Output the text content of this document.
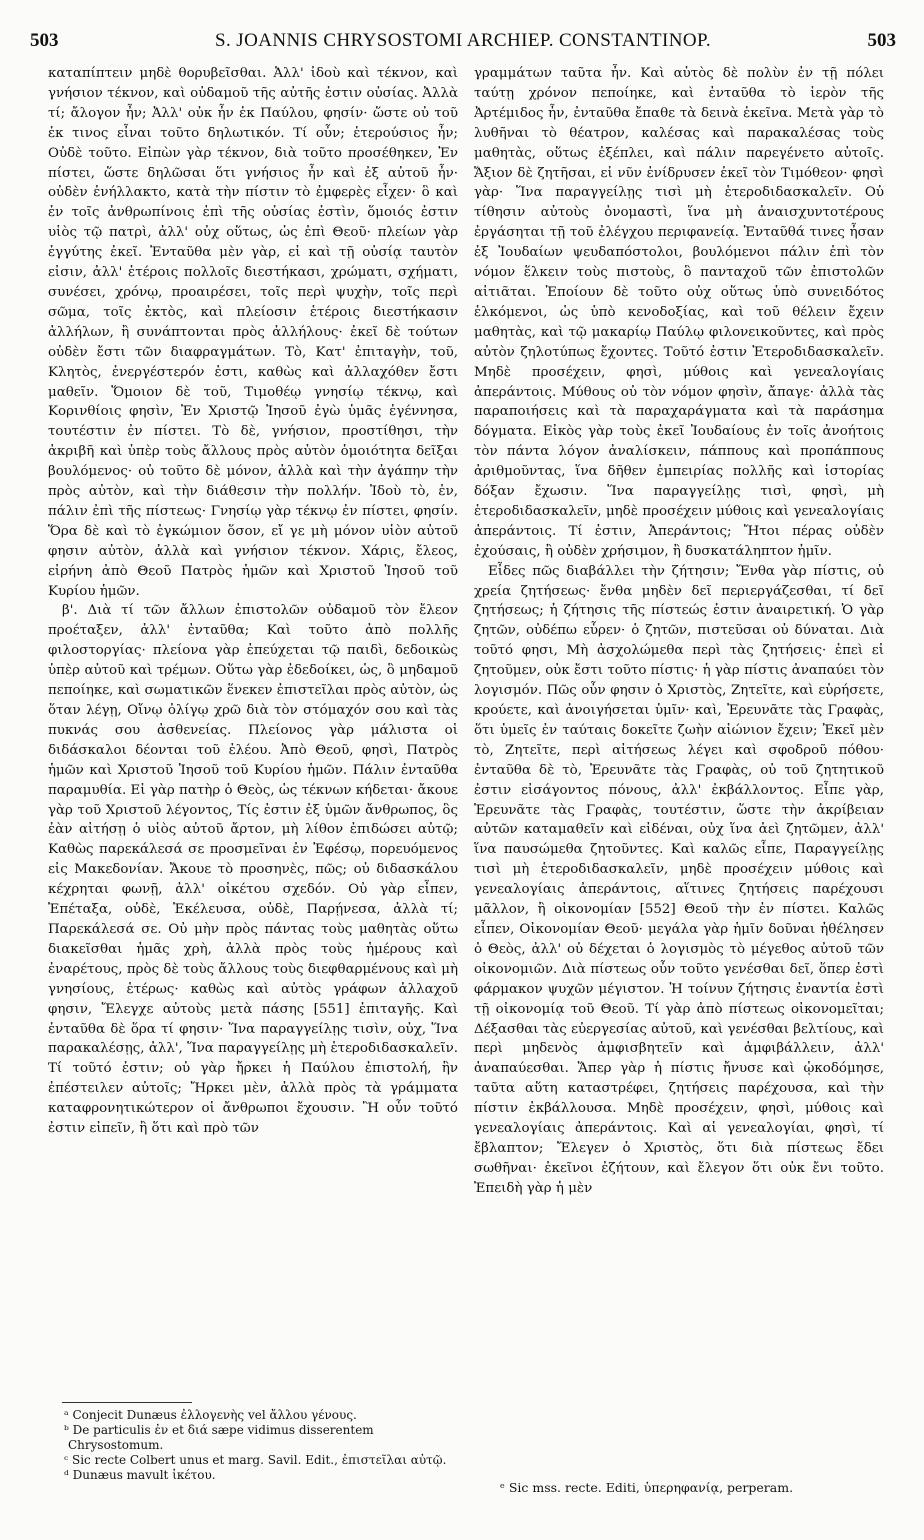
503	S. JOANNIS CHRYSOSTOMI ARCHIEP. CONSTANTINOP.	503

καταπίπτειν μηδὲ θορυβεῖσθαι. Ἀλλ' ἰδοὺ καὶ τέκνον, καὶ γνήσιον τέκνον, καὶ οὐδαμοῦ τῆς αὐτῆς ἐστιν οὐσίας. Ἀλλὰ τί; ἄλογον ἦν; Ἀλλ' οὐκ ἦν ἐκ Παύλου, φησίν· ὥστε οὐ τοῦ ἐκ τινος εἶναι τοῦτο δηλωτικόν. Τί οὖν; ἑτερούσιος ἦν; Οὐδὲ τοῦτο. Εἰπὼν γὰρ τέκνον, διὰ τοῦτο προσέθηκεν, Ἐν πίστει, ὥστε δηλῶσαι ὅτι γνήσιος ἦν καὶ ἐξ αὐτοῦ ἦν· οὐδὲν ἐνήλλακτο, κατὰ τὴν πίστιν τὸ ἐμφερὲς εἶχεν· ὃ καὶ ἐν τοῖς ἀνθρωπίνοις ἐπὶ τῆς οὐσίας ἐστὶν, ὅμοιός ἐστιν υἱὸς τῷ πατρὶ, ἀλλ' οὐχ οὕτως, ὡς ἐπὶ Θεοῦ· πλείων γὰρ ἐγγύτης ἐκεῖ. Ἐνταῦθα μὲν γὰρ, εἰ καὶ τῇ οὐσίᾳ ταυτὸν εἰσιν, ἀλλ' ἑτέροις πολλοῖς διεστήκασι, χρώματι, σχήματι, συνέσει, χρόνῳ, προαιρέσει, τοῖς περὶ ψυχὴν, τοῖς περὶ σῶμα, τοῖς ἐκτὸς, καὶ πλείοσιν ἑτέροις διεστήκασιν ἀλλήλων, ἢ συνάπτονται πρὸς ἀλλήλους· ἐκεῖ δὲ τούτων οὐδὲν ἔστι τῶν διαφραγμάτων. Τὸ, Κατ' ἐπιταγὴν, τοῦ, Κλητὸς, ἐνεργέστερόν ἐστι, καθὼς καὶ ἀλλαχόθεν ἔστι μαθεῖν. Ὅμοιον δὲ τοῦ, Τιμοθέῳ γνησίῳ τέκνῳ, καὶ Κορινθίοις φησὶν, Ἐν Χριστῷ Ἰησοῦ ἐγὼ ὑμᾶς ἐγέννησα, τουτέστιν ἐν πίστει. Τὸ δὲ, γνήσιον, προστίθησι, τὴν ἀκριβῆ καὶ ὑπὲρ τοὺς ἄλλους πρὸς αὐτὸν ὁμοιότητα δεῖξαι βουλόμενος· οὐ τοῦτο δὲ μόνον, ἀλλὰ καὶ τὴν ἀγάπην τὴν πρὸς αὐτὸν, καὶ τὴν διάθεσιν τὴν πολλήν. Ἰδοὺ τὸ, ἐν, πάλιν ἐπὶ τῆς πίστεως· Γνησίῳ γὰρ τέκνῳ ἐν πίστει, φησίν. Ὅρα δὲ καὶ τὸ ἐγκώμιον ὅσον, εἴ γε μὴ μόνον υἱὸν αὐτοῦ φησιν αὐτὸν, ἀλλὰ καὶ γνήσιον τέκνον. Χάρις, ἔλεος, εἰρήνη ἀπὸ Θεοῦ Πατρὸς ἡμῶν καὶ Χριστοῦ Ἰησοῦ τοῦ Κυρίου ἡμῶν.

β'. Διὰ τί τῶν ἄλλων ἐπιστολῶν οὐδαμοῦ τὸν ἔλεον προέταξεν, ἀλλ' ἐνταῦθα; Καὶ τοῦτο ἀπὸ πολλῆς φιλοστοργίας· πλείονα γὰρ ἐπεύχεται τῷ παιδὶ, δεδοικὼς ὑπὲρ αὐτοῦ καὶ τρέμων. Οὕτω γὰρ ἐδεδοίκει, ὡς, ὃ μηδαμοῦ πεποίηκε, καὶ σωματικῶν ἕνεκεν ἐπιστεῖλαι πρὸς αὐτὸν, ὡς ὅταν λέγῃ, Οἴνῳ ὀλίγῳ χρῶ διὰ τὸν στόμαχόν σου καὶ τὰς πυκνάς σου ἀσθενείας. Πλείονος γὰρ μάλιστα οἱ διδάσκαλοι δέονται τοῦ ἐλέου. Ἀπὸ Θεοῦ, φησὶ, Πατρὸς ἡμῶν καὶ Χριστοῦ Ἰησοῦ τοῦ Κυρίου ἡμῶν. Πάλιν ἐνταῦθα παραμυθία. Εἰ γὰρ πατὴρ ὁ Θεὸς, ὡς τέκνων κήδεται· ἄκουε γὰρ τοῦ Χριστοῦ λέγοντος, Τίς ἐστιν ἐξ ὑμῶν ἄνθρωπος, ὃς ἐὰν αἰτήσῃ ὁ υἱὸς αὐτοῦ ἄρτον, μὴ λίθον ἐπιδώσει αὐτῷ; Καθὼς παρεκάλεσά σε προσμεῖναι ἐν Ἐφέσῳ, πορευόμενος εἰς Μακεδονίαν. Ἄκουε τὸ προσηνὲς, πῶς; οὐ διδασκάλου κέχρηται φωνῇ, ἀλλ' οἰκέτου σχεδόν. Οὐ γὰρ εἶπεν, Ἐπέταξα, οὐδὲ, Ἐκέλευσα, οὐδὲ, Παρῄνεσα, ἀλλὰ τί; Παρεκάλεσά σε. Οὐ μὴν πρὸς πάντας τοὺς μαθητὰς οὕτω διακεῖσθαι ἡμᾶς χρὴ, ἀλλὰ πρὸς τοὺς ἡμέρους καὶ ἐναρέτους, πρὸς δὲ τοὺς ἄλλους τοὺς διεφθαρμένους καὶ μὴ γνησίους, ἑτέρως· καθὼς καὶ αὐτὸς γράφων ἀλλαχοῦ φησιν, Ἔλεγχε αὐτοὺς μετὰ πάσης [551] ἐπιταγῆς. Καὶ ἐνταῦθα δὲ ὅρα τί φησιν· Ἵνα παραγγείλῃς τισὶν, οὐχ, Ἵνα παρακαλέσῃς, ἀλλ', Ἵνα παραγγείλῃς μὴ ἑτεροδιδασκαλεῖν. Τί τοῦτό ἐστιν; οὐ γὰρ ἤρκει ἡ Παύλου ἐπιστολή, ἣν ἐπέστειλεν αὐτοῖς; Ἤρκει μὲν, ἀλλὰ πρὸς τὰ γράμματα καταφρονητικώτερον οἱ ἄνθρωποι ἔχουσιν. Ἢ οὖν τοῦτό ἐστιν εἰπεῖν, ἢ ὅτι καὶ πρὸ τῶν

γραμμάτων ταῦτα ἦν. Καὶ αὐτὸς δὲ πολὺν ἐν τῇ πόλει ταύτῃ χρόνον πεποίηκε, καὶ ἐνταῦθα τὸ ἱερὸν τῆς Ἀρτέμιδος ἦν, ἐνταῦθα ἔπαθε τὰ δεινὰ ἐκεῖνα. Μετὰ γὰρ τὸ λυθῆναι τὸ θέατρον, καλέσας καὶ παρακαλέσας τοὺς μαθητὰς, οὕτως ἐξέπλει, καὶ πάλιν παρεγένετο αὐτοῖς. Ἄξιον δὲ ζητῆσαι, εἰ νῦν ἐνίδρυσεν ἐκεῖ τὸν Τιμόθεον· φησὶ γὰρ· Ἵνα παραγγείλῃς τισὶ μὴ ἑτεροδιδασκαλεῖν. Οὐ τίθησιν αὐτοὺς ὀνομαστὶ, ἵνα μὴ ἀναισχυντοτέρους ἐργάσηται τῇ τοῦ ἐλέγχου περιφανείᾳ. Ἐνταῦθά τινες ἦσαν ἐξ Ἰουδαίων ψευδαπόστολοι, βουλόμενοι πάλιν ἐπὶ τὸν νόμον ἕλκειν τοὺς πιστοὺς, ὃ πανταχοῦ τῶν ἐπιστολῶν αἰτιᾶται. Ἐποίουν δὲ τοῦτο οὐχ οὕτως ὑπὸ συνειδότος ἑλκόμενοι, ὡς ὑπὸ κενοδοξίας, καὶ τοῦ θέλειν ἔχειν μαθητὰς, καὶ τῷ μακαρίῳ Παύλῳ φιλονεικοῦντες, καὶ πρὸς αὐτὸν ζηλοτύπως ἔχοντες. Τοῦτό ἐστιν Ἑτεροδιδασκαλεῖν. Μηδὲ προσέχειν, φησὶ, μύθοις καὶ γενεαλογίαις ἀπεράντοις. Μύθους οὐ τὸν νόμον φησὶν, ἄπαγε· ἀλλὰ τὰς παραποιήσεις καὶ τὰ παραχαράγματα καὶ τὰ παράσημα δόγματα. Εἰκὸς γὰρ τοὺς ἐκεῖ Ἰουδαίους ἐν τοῖς ἀνοήτοις τὸν πάντα λόγον ἀναλίσκειν, πάππους καὶ προπάππους ἀριθμοῦντας, ἵνα δῆθεν ἐμπειρίας πολλῆς καὶ ἱστορίας δόξαν ἔχωσιν. Ἵνα παραγγείλῃς τισὶ, φησὶ, μὴ ἑτεροδιδασκαλεῖν, μηδὲ προσέχειν μύθοις καὶ γενεαλογίαις ἀπεράντοις. Τί ἐστιν, Ἀπεράντοις; Ἤτοι πέρας οὐδὲν ἐχούσαις, ἢ οὐδὲν χρήσιμον, ἢ δυσκατάληπτον ἡμῖν.

Εἶδες πῶς διαβάλλει τὴν ζήτησιν; Ἔνθα γὰρ πίστις, οὐ χρεία ζητήσεως· ἔνθα μηδὲν δεῖ περιεργάζεσθαι, τί δεῖ ζητήσεως; ἡ ζήτησις τῆς πίστεώς ἐστιν ἀναιρετική. Ὁ γὰρ ζητῶν, οὐδέπω εὗρεν· ὁ ζητῶν, πιστεῦσαι οὐ δύναται. Διὰ τοῦτό φησι, Μὴ ἀσχολώμεθα περὶ τὰς ζητήσεις· ἐπεὶ εἰ ζητοῦμεν, οὐκ ἔστι τοῦτο πίστις· ἡ γὰρ πίστις ἀναπαύει τὸν λογισμόν. Πῶς οὖν φησιν ὁ Χριστὸς, Ζητεῖτε, καὶ εὑρήσετε, κρούετε, καὶ ἀνοιγήσεται ὑμῖν· καὶ, Ἐρευνᾶτε τὰς Γραφὰς, ὅτι ὑμεῖς ἐν ταύταις δοκεῖτε ζωὴν αἰώνιον ἔχειν; Ἐκεῖ μὲν τὸ, Ζητεῖτε, περὶ αἰτήσεως λέγει καὶ σφοδροῦ πόθου· ἐνταῦθα δὲ τὸ, Ἐρευνᾶτε τὰς Γραφὰς, οὐ τοῦ ζητητικοῦ ἐστιν εἰσάγοντος πόνους, ἀλλ' ἐκβάλλοντος. Εἶπε γὰρ, Ἐρευνᾶτε τὰς Γραφὰς, τουτέστιν, ὥστε τὴν ἀκρίβειαν αὐτῶν καταμαθεῖν καὶ εἰδέναι, οὐχ ἵνα ἀεὶ ζητῶμεν, ἀλλ' ἵνα παυσώμεθα ζητοῦντες. Καὶ καλῶς εἶπε, Παραγγείλῃς τισὶ μὴ ἑτεροδιδασκαλεῖν, μηδὲ προσέχειν μύθοις καὶ γενεαλογίαις ἀπεράντοις, αἵτινες ζητήσεις παρέχουσι μᾶλλον, ἢ οἰκονομίαν [552] Θεοῦ τὴν ἐν πίστει. Καλῶς εἶπεν, Οἰκονομίαν Θεοῦ· μεγάλα γὰρ ἡμῖν δοῦναι ἠθέλησεν ὁ Θεὸς, ἀλλ' οὐ δέχεται ὁ λογισμὸς τὸ μέγεθος αὐτοῦ τῶν οἰκονομιῶν. Διὰ πίστεως οὖν τοῦτο γενέσθαι δεῖ, ὅπερ ἐστὶ φάρμακον ψυχῶν μέγιστον. Ἡ τοίνυν ζήτησις ἐναντία ἐστὶ τῇ οἰκονομίᾳ τοῦ Θεοῦ. Τί γὰρ ἀπὸ πίστεως οἰκονομεῖται; Δέξασθαι τὰς εὐεργεσίας αὐτοῦ, καὶ γενέσθαι βελτίους, καὶ περὶ μηδενὸς ἀμφισβητεῖν καὶ ἀμφιβάλλειν, ἀλλ' ἀναπαύεσθαι. Ἅπερ γὰρ ἡ πίστις ἤνυσε καὶ ᾠκοδόμησε, ταῦτα αὕτη καταστρέφει, ζητήσεις παρέχουσα, καὶ τὴν πίστιν ἐκβάλλουσα. Μηδὲ προσέχειν, φησὶ, μύθοις καὶ γενεαλογίαις ἀπεράντοις. Καὶ αἱ γενεαλογίαι, φησὶ, τί ἔβλαπτον; Ἔλεγεν ὁ Χριστὸς, ὅτι διὰ πίστεως ἔδει σωθῆναι· ἐκεῖνοι ἐζήτουν, καὶ ἔλεγον ὅτι οὐκ ἔνι τοῦτο. Ἐπειδὴ γὰρ ἡ μὲν

ᵃ Conjecit Dunæus ἐλλογενὴς vel ἄλλου γένους.
ᵇ De particulis ἐν et διά sæpe vidimus disserentem Chrysostomum.
ᶜ Sic recte Colbert unus et marg. Savil. Edit., ἐπιστεῖλαι αὐτῷ.
ᵈ Dunæus mavult ἱκέτου.
ᵉ Sic mss. recte. Editi, ὑπερηφανίᾳ, perperam.
